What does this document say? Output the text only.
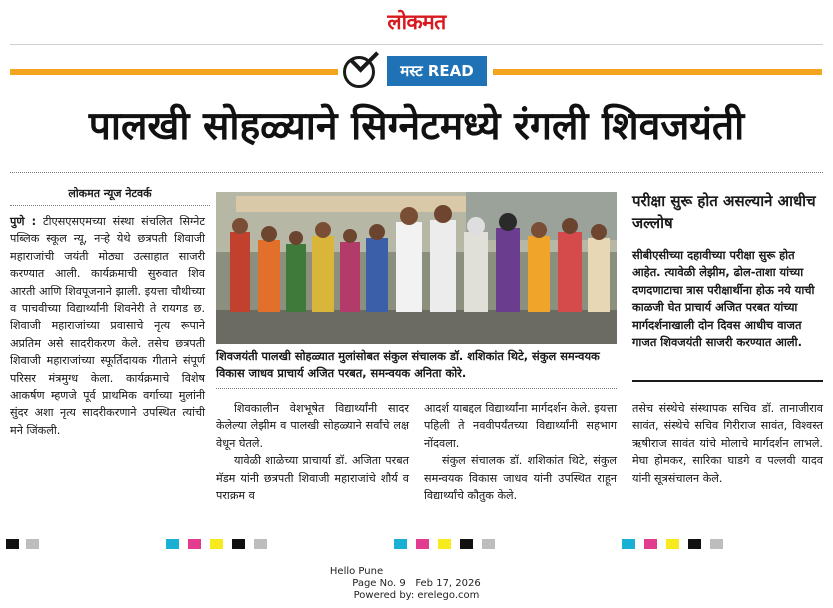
लोकमत
मस्ट READ
पालखी सोहळ्याने सिग्नेटमध्ये रंगली शिवजयंती
लोकमत न्यूज नेटवर्क

पुणे : टीएसएसएमच्या संस्था संचलित सिग्नेट पब्लिक स्कूल न्यू, नऱ्हे येथे छत्रपती शिवाजी महाराजांची जयंती मोठ्या उत्साहात साजरी करण्यात आली. कार्यक्रमाची सुरुवात शिव आरती आणि शिवपूजनाने झाली. इयत्ता चौथीच्या व पाचवीच्या विद्यार्थ्यांनी शिवनेरी ते रायगड छ. शिवाजी महाराजांच्या प्रवासाचे नृत्य रूपाने अप्रतिम असे सादरीकरण केले. तसेच छत्रपती शिवाजी महाराजांच्या स्फूर्तिदायक गीताने संपूर्ण परिसर मंत्रमुग्ध केला. कार्यक्रमाचे विशेष आकर्षण म्हणजे पूर्व प्राथमिक वर्गाच्या मुलांनी सुंदर अशा नृत्य सादरीकरणाने उपस्थित त्यांची मने जिंकली.

शिवजयंती पालखी सोहळ्यात मुलांसोबत संकुल संचालक डॉ. शशिकांत थिटे, संकुल समन्वयक विकास जाधव प्राचार्य अजित परबत, समन्वयक अनिता कोरे.

शिवकालीन वेशभूषेत विद्यार्थ्यांनी सादर केलेल्या लेझीम व पालखी सोहळ्याने सर्वांचे लक्ष वेधून घेतले.

यावेळी शाळेच्या प्राचार्या डॉ. अजिता परबत मॅडम यांनी छत्रपती शिवाजी महाराजांचे शौर्य व पराक्रम व

आदर्श याबद्दल विद्यार्थ्यांना मार्गदर्शन केले. इयत्ता पहिली ते नववीपर्यंतच्या विद्यार्थ्यांनी सहभाग नोंदवला.

संकुल संचालक डॉ. शशिकांत थिटे, संकुल समन्वयक विकास जाधव यांनी उपस्थित राहून विद्यार्थ्यांचे कौतुक केले.

परीक्षा सुरू होत असल्याने आधीच जल्लोष
सीबीएसीच्या दहावीच्या परीक्षा सुरू होत आहेत. त्यावेळी लेझीम, ढोल-ताशा यांच्या दणदणाटाचा त्रास परीक्षार्थीना होऊ नये याची काळजी घेत प्राचार्य अजित परबत यांच्या मार्गदर्शनाखाली दोन दिवस आधीच वाजत गाजत शिवजयंती साजरी करण्यात आली.

तसेच संस्थेचे संस्थापक सचिव डॉ. तानाजीराव सावंत, संस्थेचे सचिव गिरीराज सावंत, विश्वस्त ऋषीराज सावंत यांचे मोलाचे मार्गदर्शन लाभले. मेघा होमकर, सारिका घाडगे व पल्लवी यादव यांनी सूत्रसंचालन केले.

Hello Pune
Page No. 9 Feb 17, 2026
Powered by: erelego.com
